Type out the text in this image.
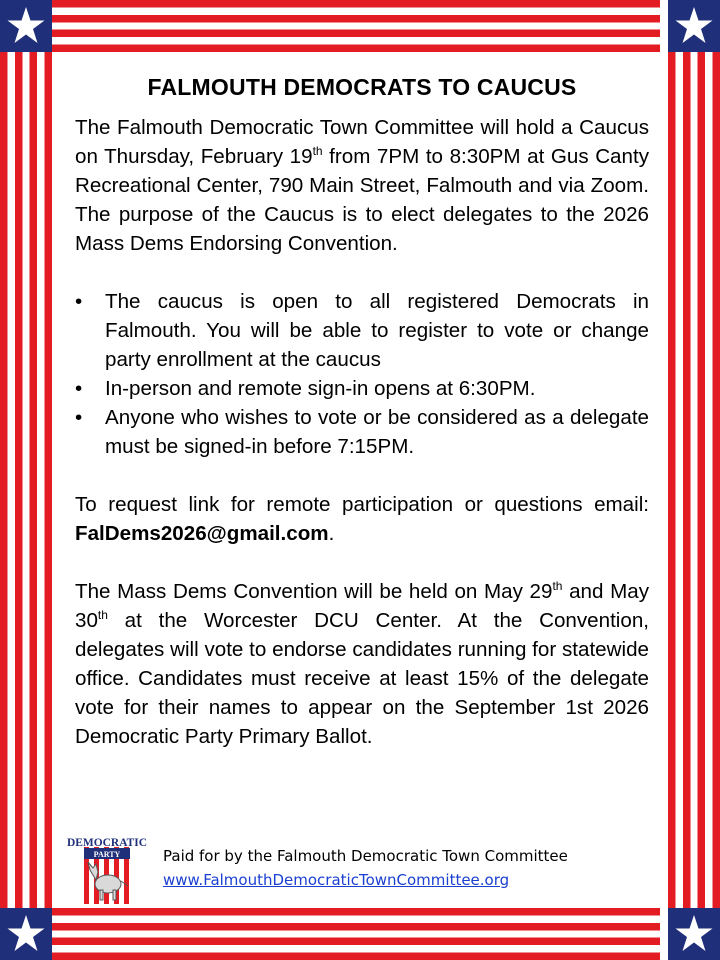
FALMOUTH DEMOCRATS TO CAUCUS

The Falmouth Democratic Town Committee will hold a Caucus on Thursday, February 19th from 7PM to 8:30PM at Gus Canty Recreational Center, 790 Main Street, Falmouth and via Zoom. The purpose of the Caucus is to elect delegates to the 2026 Mass Dems Endorsing Convention.

• The caucus is open to all registered Democrats in Falmouth. You will be able to register to vote or change party enrollment at the caucus
• In-person and remote sign-in opens at 6:30PM.
• Anyone who wishes to vote or be considered as a delegate must be signed-in before 7:15PM.

To request link for remote participation or questions email: FalDems2026@gmail.com.

The Mass Dems Convention will be held on May 29th and May 30th at the Worcester DCU Center. At the Convention, delegates will vote to endorse candidates running for statewide office. Candidates must receive at least 15% of the delegate vote for their names to appear on the September 1st 2026 Democratic Party Primary Ballot.

PARTY
DEMOCRATIC
Paid for by the Falmouth Democratic Town Committee
www.FalmouthDemocraticTownCommittee.org
